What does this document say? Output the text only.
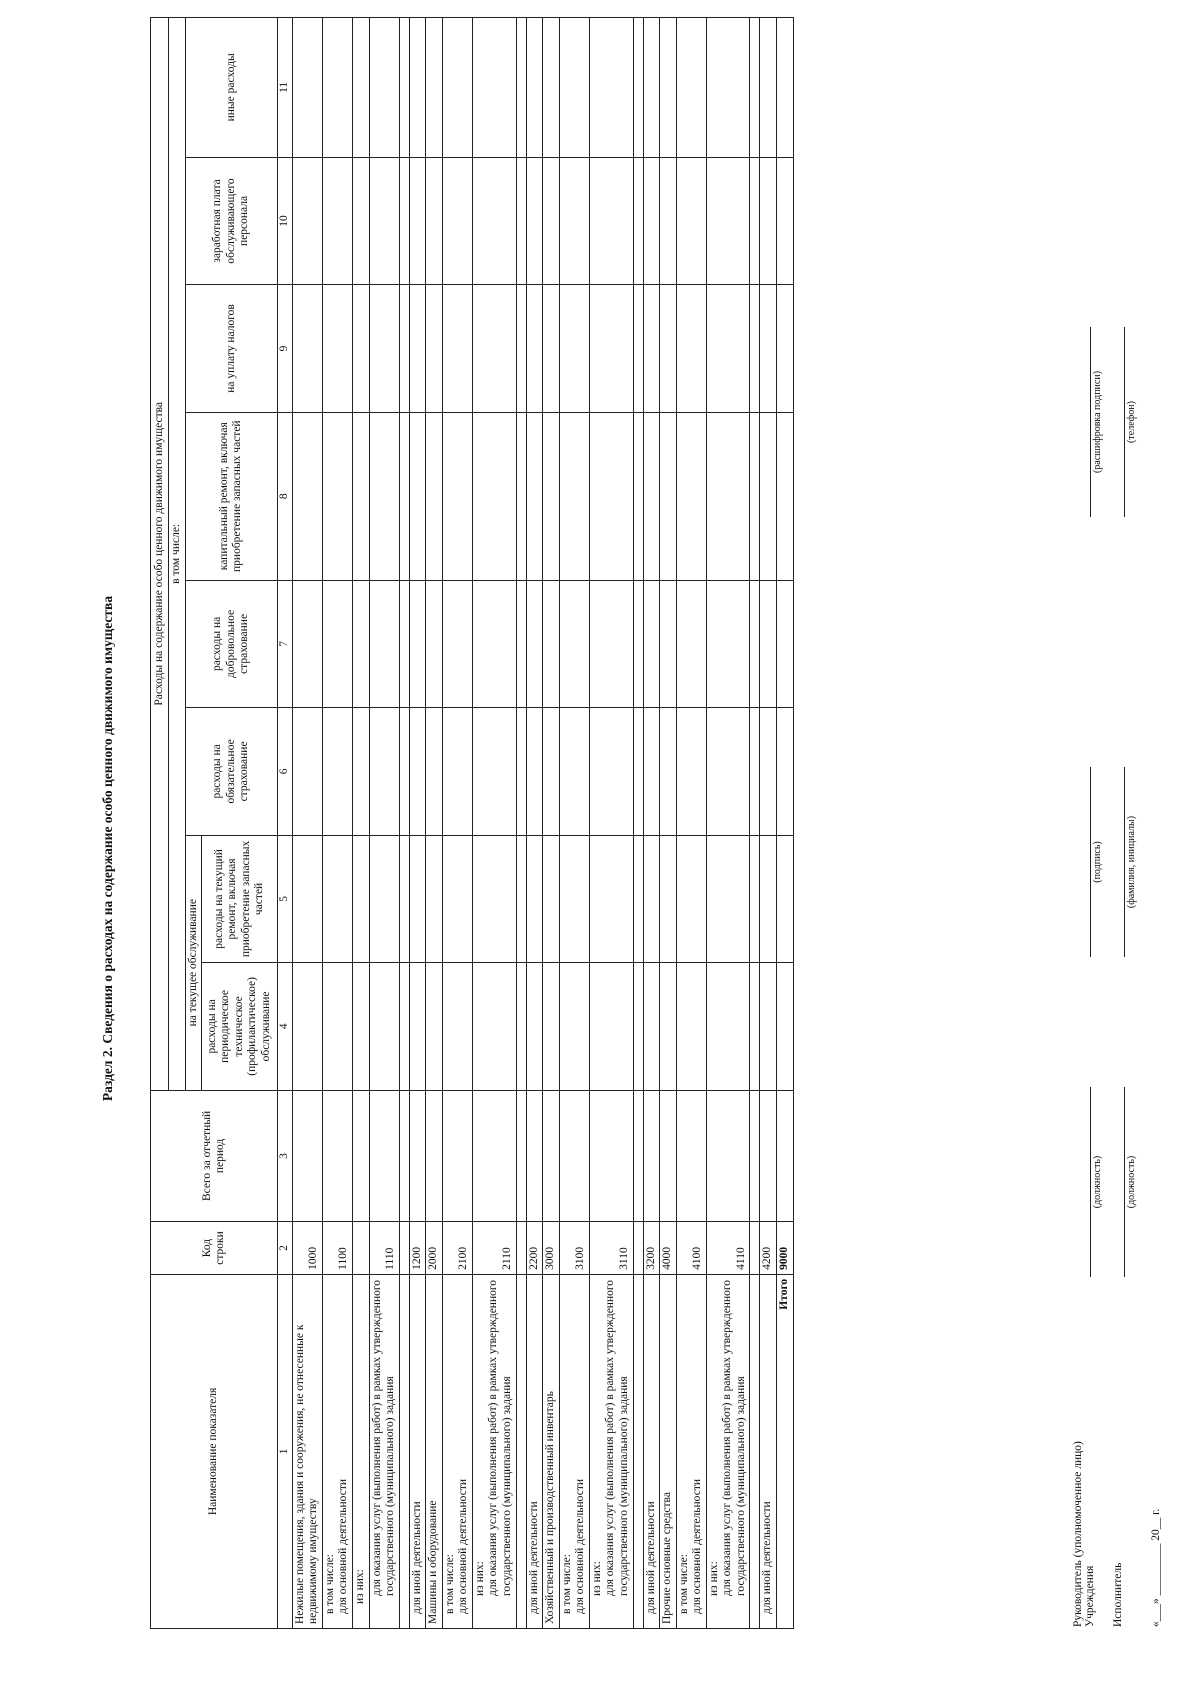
Раздел 2. Сведения о расходах на содержание особо ценного движимого имущества
Наименование показателя	Код строки	Всего за отчетный период	Расходы на содержание особо ценного движимого имущества							
			в том числе:							
			на текущее обслуживание		расходы на обязательное страхование	расходы на добровольное страхование	капитальный ремонт, включая приобретение запасных частей	на уплату налогов	заработная плата обслуживающего персонала	иные расходы
			расходы на периодическое техническое (профилактическое) обслуживание	расходы на текущий ремонт, включая приобретение запасных частей						
1	2	3	4	5	6	7	8	9	10	11
Нежилые помещения, здания и сооружения, не отнесенные к недвижимому имуществу	1000									
в том числе:
для основной деятельности	1100									
из них:										
для оказания услуг (выполнения работ) в рамках утвержденного государственного (муниципального) задания	1110									

для иной деятельности	1200									
Машины и оборудование	2000									
в том числе:
для основной деятельности	2100									
из них:
для оказания услуг (выполнения работ) в рамках утвержденного государственного (муниципального) задания	2110									

для иной деятельности	2200									
Хозяйственный и производственный инвентарь	3000									
в том числе:
для основной деятельности	3100									
из них:
для оказания услуг (выполнения работ) в рамках утвержденного государственного (муниципального) задания	3110									

для иной деятельности	3200									
Прочие основные средства	4000									
в том числе:
для основной деятельности	4100									
из них:
для оказания услуг (выполнения работ) в рамках утвержденного государственного (муниципального) задания	4110									

для иной деятельности	4200									
Итого	9000									
Руководитель (уполномоченное лицо) Учреждения
(должность)
(подпись)
(расшифровка подписи)
Исполнитель
(должность)
(фамилия, инициалы)
(телефон)
«___» _________ 20__ г.
